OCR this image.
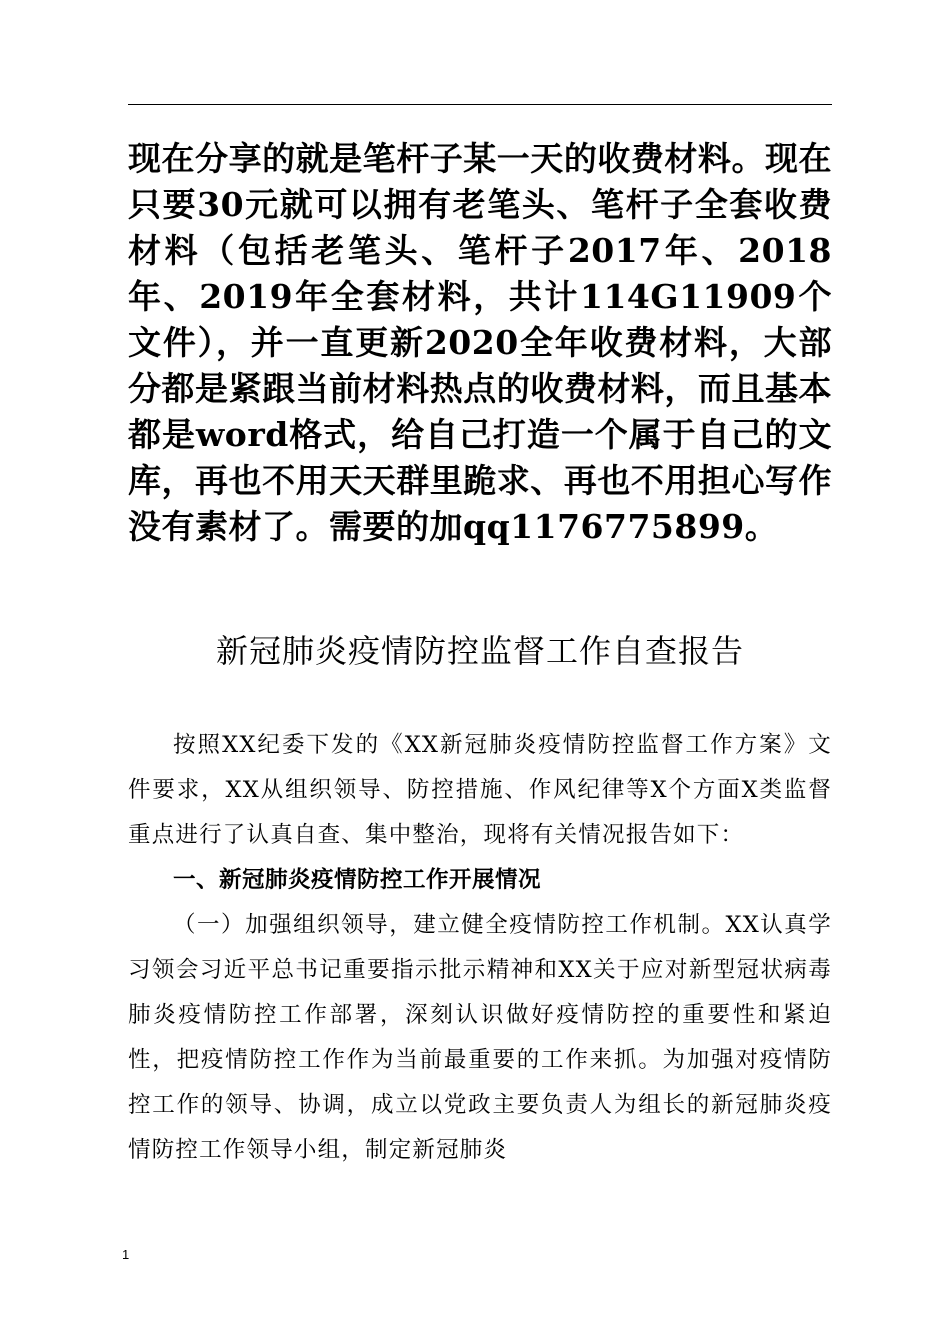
现在分享的就是笔杆子某一天的收费材料。现在只要30元就可以拥有老笔头、笔杆子全套收费材料（包括老笔头、笔杆子2017年、2018年、2019年全套材料，共计114G11909个文件），并一直更新2020全年收费材料，大部分都是紧跟当前材料热点的收费材料，而且基本都是word格式，给自己打造一个属于自己的文库，再也不用天天群里跪求、再也不用担心写作没有素材了。需要的加qq1176775899。

新冠肺炎疫情防控监督工作自查报告

按照XX纪委下发的《XX新冠肺炎疫情防控监督工作方案》文件要求，XX从组织领导、防控措施、作风纪律等X个方面X类监督重点进行了认真自查、集中整治，现将有关情况报告如下：

一、新冠肺炎疫情防控工作开展情况

（一）加强组织领导，建立健全疫情防控工作机制。XX认真学习领会习近平总书记重要指示批示精神和XX关于应对新型冠状病毒肺炎疫情防控工作部署，深刻认识做好疫情防控的重要性和紧迫性，把疫情防控工作作为当前最重要的工作来抓。为加强对疫情防控工作的领导、协调，成立以党政主要负责人为组长的新冠肺炎疫情防控工作领导小组，制定新冠肺炎

1
